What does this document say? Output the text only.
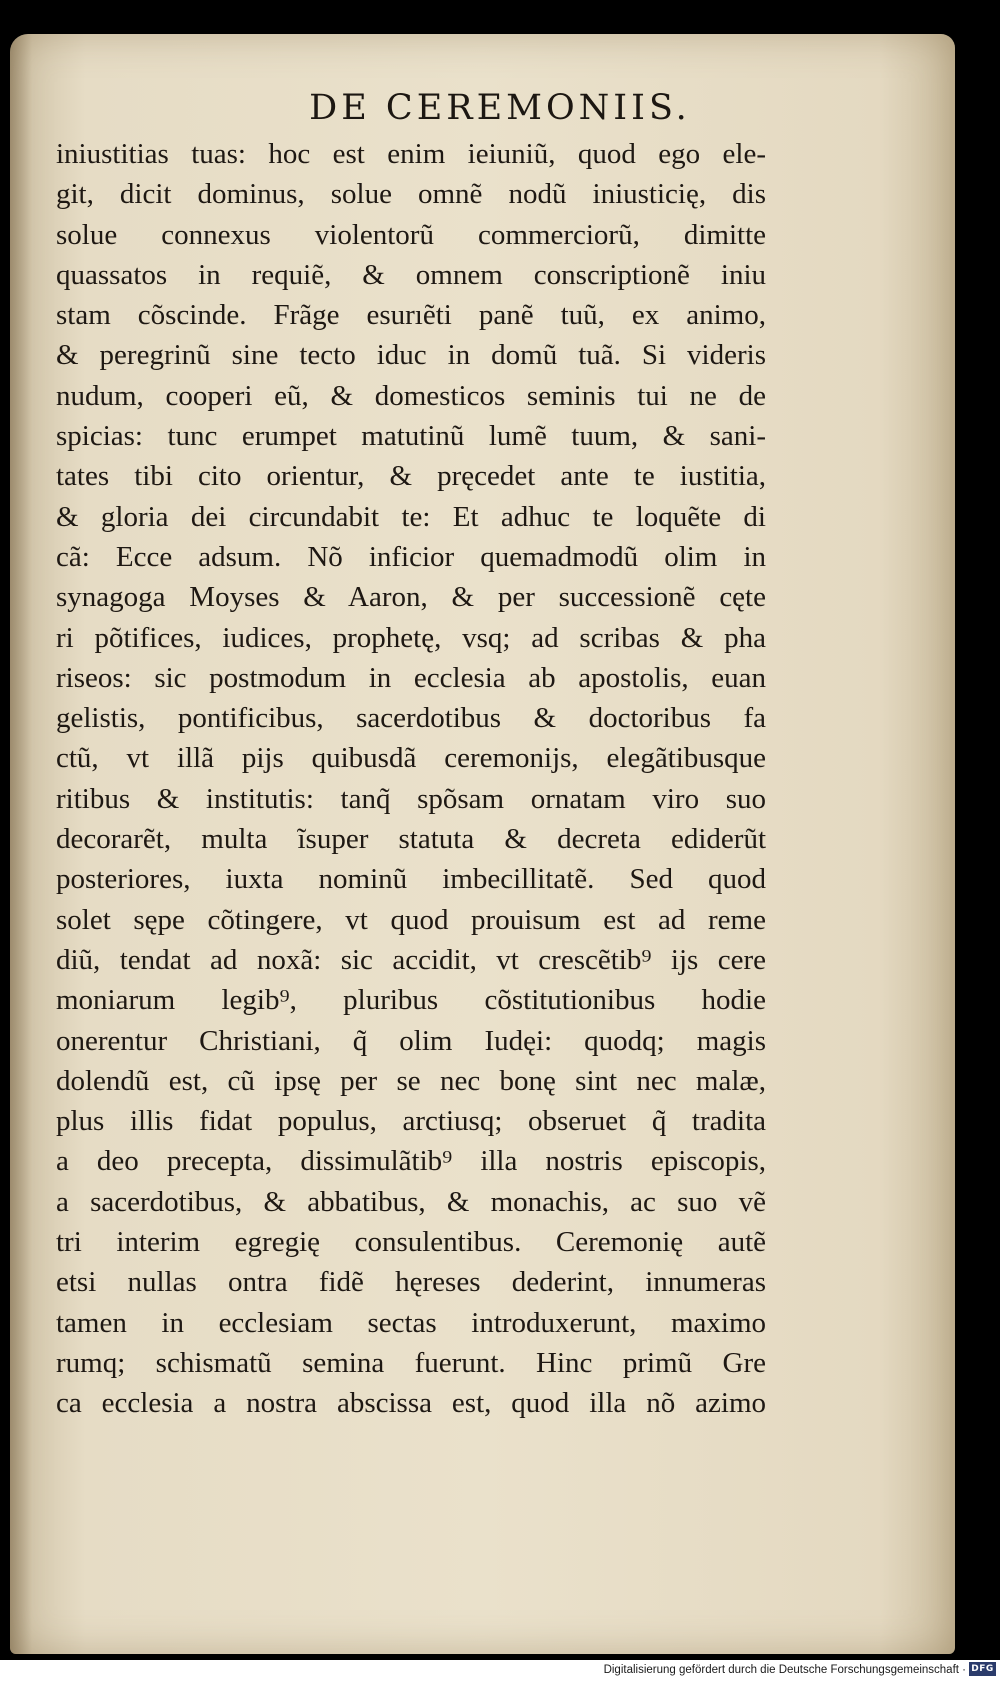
DE CEREMONIIS.
iniustitias tuas: hoc est enim ieiuniũ, quod ego ele-
git, dicit dominus, solue omnẽ nodũ iniusticię, dis
solue connexus violentorũ commerciorũ, dimitte
quassatos in requiẽ, & omnem conscriptionẽ iniu
stam cõscinde. Frãge esurıẽti panẽ tuũ, ex animo,
& peregrinũ sine tecto iduc in domũ tuã. Si videris
nudum, cooperi eũ, & domesticos seminis tui ne de
spicias: tunc erumpet matutinũ lumẽ tuum, & sani-
tates tibi cito orientur, & pręcedet ante te iustitia,
& gloria dei circundabit te: Et adhuc te loquẽte di
cã: Ecce adsum. Nõ inficior quemadmodũ olim in
synagoga Moyses & Aaron, & per successionẽ cęte
ri põtifices, iudices, prophetę, vsq; ad scribas & pha
riseos: sic postmodum in ecclesia ab apostolis, euan
gelistis, pontificibus, sacerdotibus & doctoribus fa
ctũ, vt illã pijs quibusdã ceremonijs, elegãtibusque
ritibus & institutis: tanq̃ spõsam ornatam viro suo
decorarẽt, multa ĩsuper statuta & decreta ediderũt
posteriores, iuxta nominũ imbecillitatẽ. Sed quod
solet sępe cõtingere, vt quod prouisum est ad reme
diũ, tendat ad noxã: sic accidit, vt crescẽtib⁹ ijs cere
moniarum legib⁹, pluribus cõstitutionibus hodie
onerentur Christiani, q̃ olim Iudęi: quodq; magis
dolendũ est, cũ ipsę per se nec bonę sint nec malæ,
plus illis fidat populus, arctiusq; obseruet q̃ tradita
a deo precepta, dissimulãtib⁹ illa nostris episcopis,
a sacerdotibus, & abbatibus, & monachis, ac suo vẽ
tri interim egregię consulentibus. Ceremonię autẽ
etsi nullas ontra fidẽ hęreses dederint, innumeras
tamen in ecclesiam sectas introduxerunt, maximo
rumq; schismatũ semina fuerunt. Hinc primũ Gre
ca ecclesia a nostra abscissa est, quod illa nõ azimo
Digitalisierung gefördert durch die Deutsche Forschungsgemeinschaft · DFG
